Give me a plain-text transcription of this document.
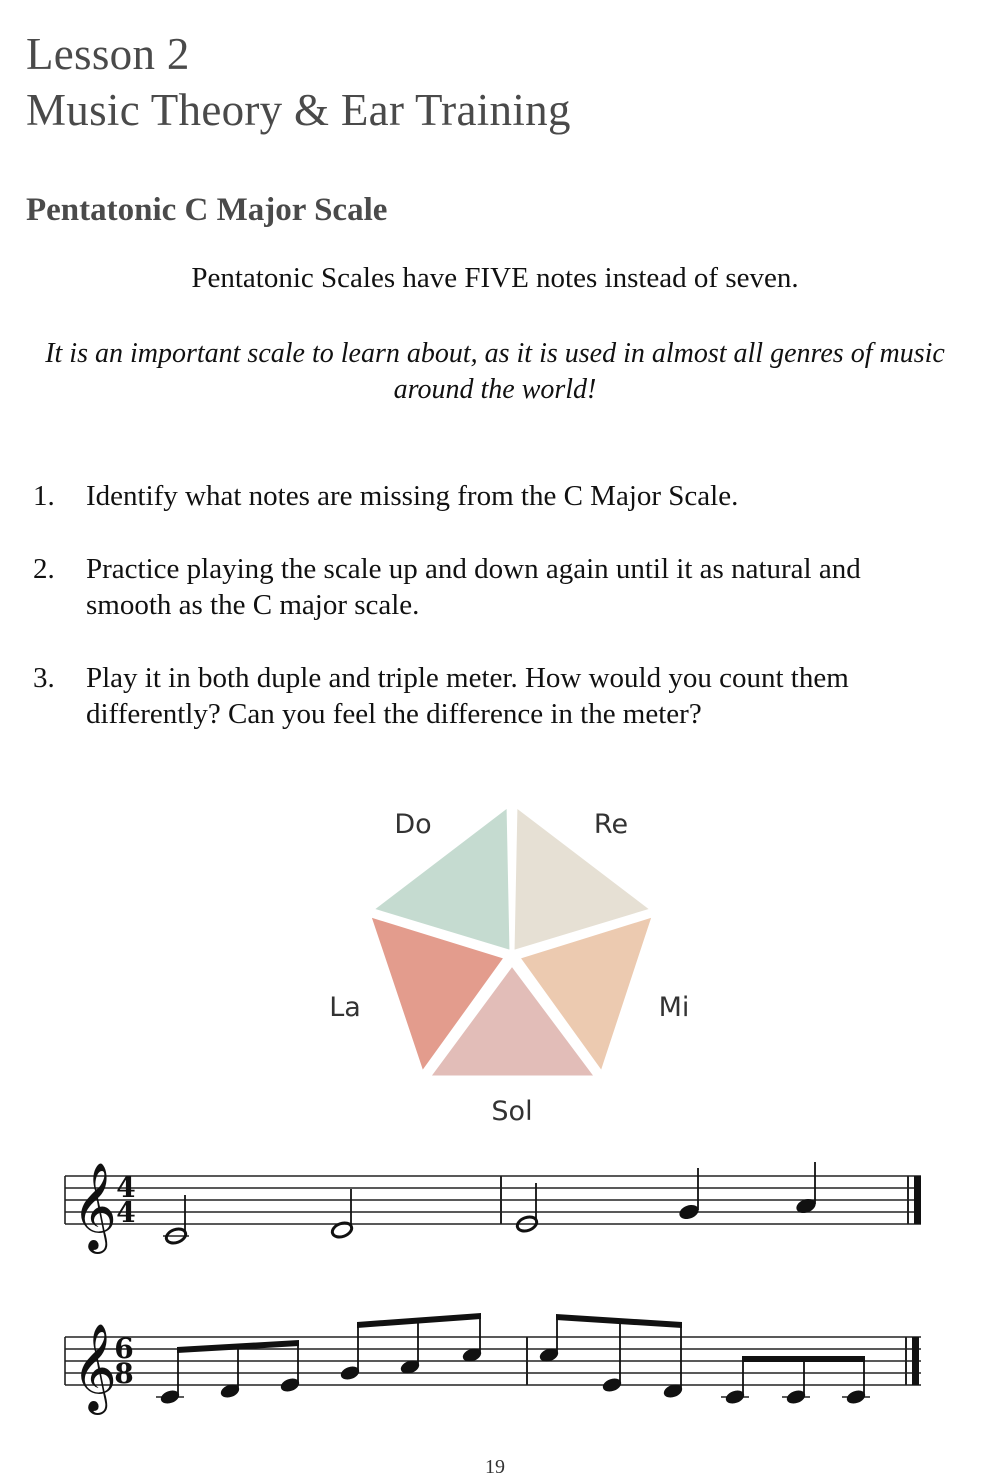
Lesson 2
Music Theory & Ear Training
Pentatonic C Major Scale

Pentatonic Scales have FIVE notes instead of seven.

It is an important scale to learn about, as it is used in almost all genres of music around the world!

1. Identify what notes are missing from the C Major Scale.
2. Practice playing the scale up and down again until it as natural and smooth as the C major scale.
3. Play it in both duple and triple meter. How would you count them differently? Can you feel the difference in the meter?
Do	Re
Mi
Sol
La
𝄞 4
4
𝄞
6
8

19
